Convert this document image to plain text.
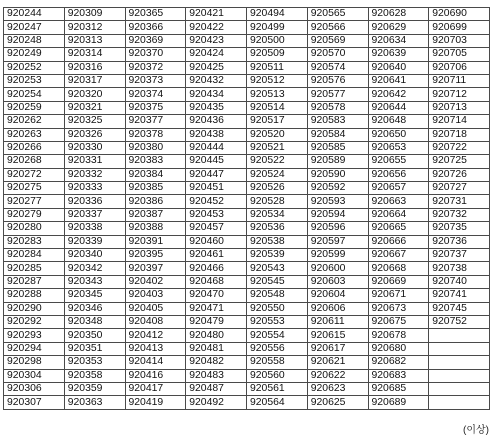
920244	920309	920365	920421	920494	920565	920628	920690
920247	920312	920366	920422	920499	920566	920629	920699
920248	920313	920369	920423	920500	920569	920634	920703
920249	920314	920370	920424	920509	920570	920639	920705
920252	920316	920372	920425	920511	920574	920640	920706
920253	920317	920373	920432	920512	920576	920641	920711
920254	920320	920374	920434	920513	920577	920642	920712
920259	920321	920375	920435	920514	920578	920644	920713
920262	920325	920377	920436	920517	920583	920648	920714
920263	920326	920378	920438	920520	920584	920650	920718
920266	920330	920380	920444	920521	920585	920653	920722
920268	920331	920383	920445	920522	920589	920655	920725
920272	920332	920384	920447	920524	920590	920656	920726
920275	920333	920385	920451	920526	920592	920657	920727
920277	920336	920386	920452	920528	920593	920663	920731
920279	920337	920387	920453	920534	920594	920664	920732
920280	920338	920388	920457	920536	920596	920665	920735
920283	920339	920391	920460	920538	920597	920666	920736
920284	920340	920395	920461	920539	920599	920667	920737
920285	920342	920397	920466	920543	920600	920668	920738
920287	920343	920402	920468	920545	920603	920669	920740
920288	920345	920403	920470	920548	920604	920671	920741
920290	920346	920405	920471	920550	920606	920673	920745
920292	920348	920408	920479	920553	920611	920675	920752
920293	920350	920412	920480	920554	920615	920678	
920294	920351	920413	920481	920556	920617	920680	
920298	920353	920414	920482	920558	920621	920682	
920304	920358	920416	920483	920560	920622	920683	
920306	920359	920417	920487	920561	920623	920685	
920307	920363	920419	920492	920564	920625	920689	
(이상)
